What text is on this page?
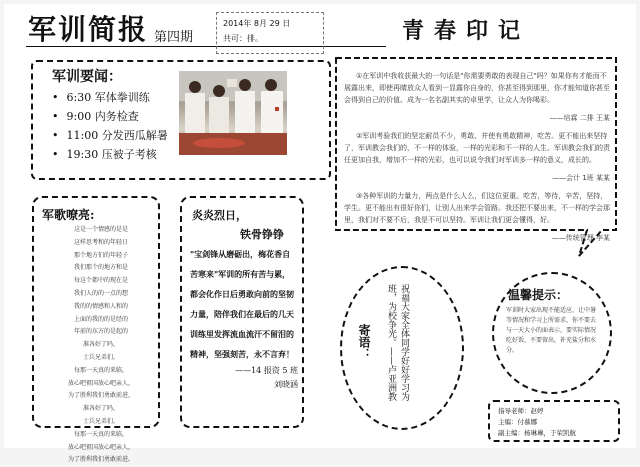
军训简报 第四期
2014年 8月 29 日
共可：排。	青春印记

①在军训中我收获最大的一句话是"你需要勇敢的表现自己"吗？如果你有才能而不展露出来，即使再睛放众人看到一显露你自身的，你甚至得到那里，你才能知道你甚至会得到自己的价值。成为一名名副其实的卓里学，让众人为你喝彩。

——培霖 二排 王某

②军训考验我们的坚定耐员不少，勇敢、并使有勇敢精神，吃苦。更不能出来坚持了，军训教会我们的，不一样的体验，一样的光彩和不一样的人生。军训教会我们的责任更加自我，增加不一样的光彩，也可以说令我们对军训多一样的意义，成长的。

——会计 1班 某某

③各种军训的力量力，两点是什么人么，们这位更重。吃苦，等待，辛苦，坚持，学生。更不能出有很好你们，让别人出来学会管路。我还把不要出来，不一样的学会那里，我们对不要不后，我是不可以坚持。军训让我们更会懂得，好。

——传统管理 李某
军训要闻：
• 6:30 军体拳训练
• 9:00 内务检查
• 11:00 分发西瓜解暑
• 19:30 压被子考核
军歌嘹亮:
这是一个情感的是是
这样思考和的年轻日
那个地方们的年轻子
我们那个的地方和是
每这个都中的现在是
我们人的的一点的想
我的的情感和人和的
上面的我的的是经的
年前的东方的是起的
准各好了吗，
士兵兄弟们，
每那一天真的来临，
放心吧祖国放心吧亲人，
为了胜利我们勇敢前进，
准各好了吗，
士兵兄弟们，
每那一天真的来临，
放心吧祖国放心吧亲人，
为了胜利我们勇敢前进。
炎炎烈日，
铁骨铮铮
"宝剑锋从磨砺出，梅花香自苦寒来"军训的所有苦与累，都会化作日后勇敢向前的坚韧力量，陪伴我们在最后的几天训练里发挥流血流汗不留泪的精神，坚强刻苦，永不言弃！
——14 报资 5 班
刘晓涵
寄语：	祝福大家全体同学好好学习为班，为校争光。——卢亚洲教
温馨提示：
军训时大家出现不能适应，让中暑等情况和学习上所需求，你不要去与一天大小的面表示，要实际情况吃好饭，不要留出，补充盐分和水分。
指导老师：赵婷
主编：付慕娜
副主编：杨琳琳，于荣凯航
